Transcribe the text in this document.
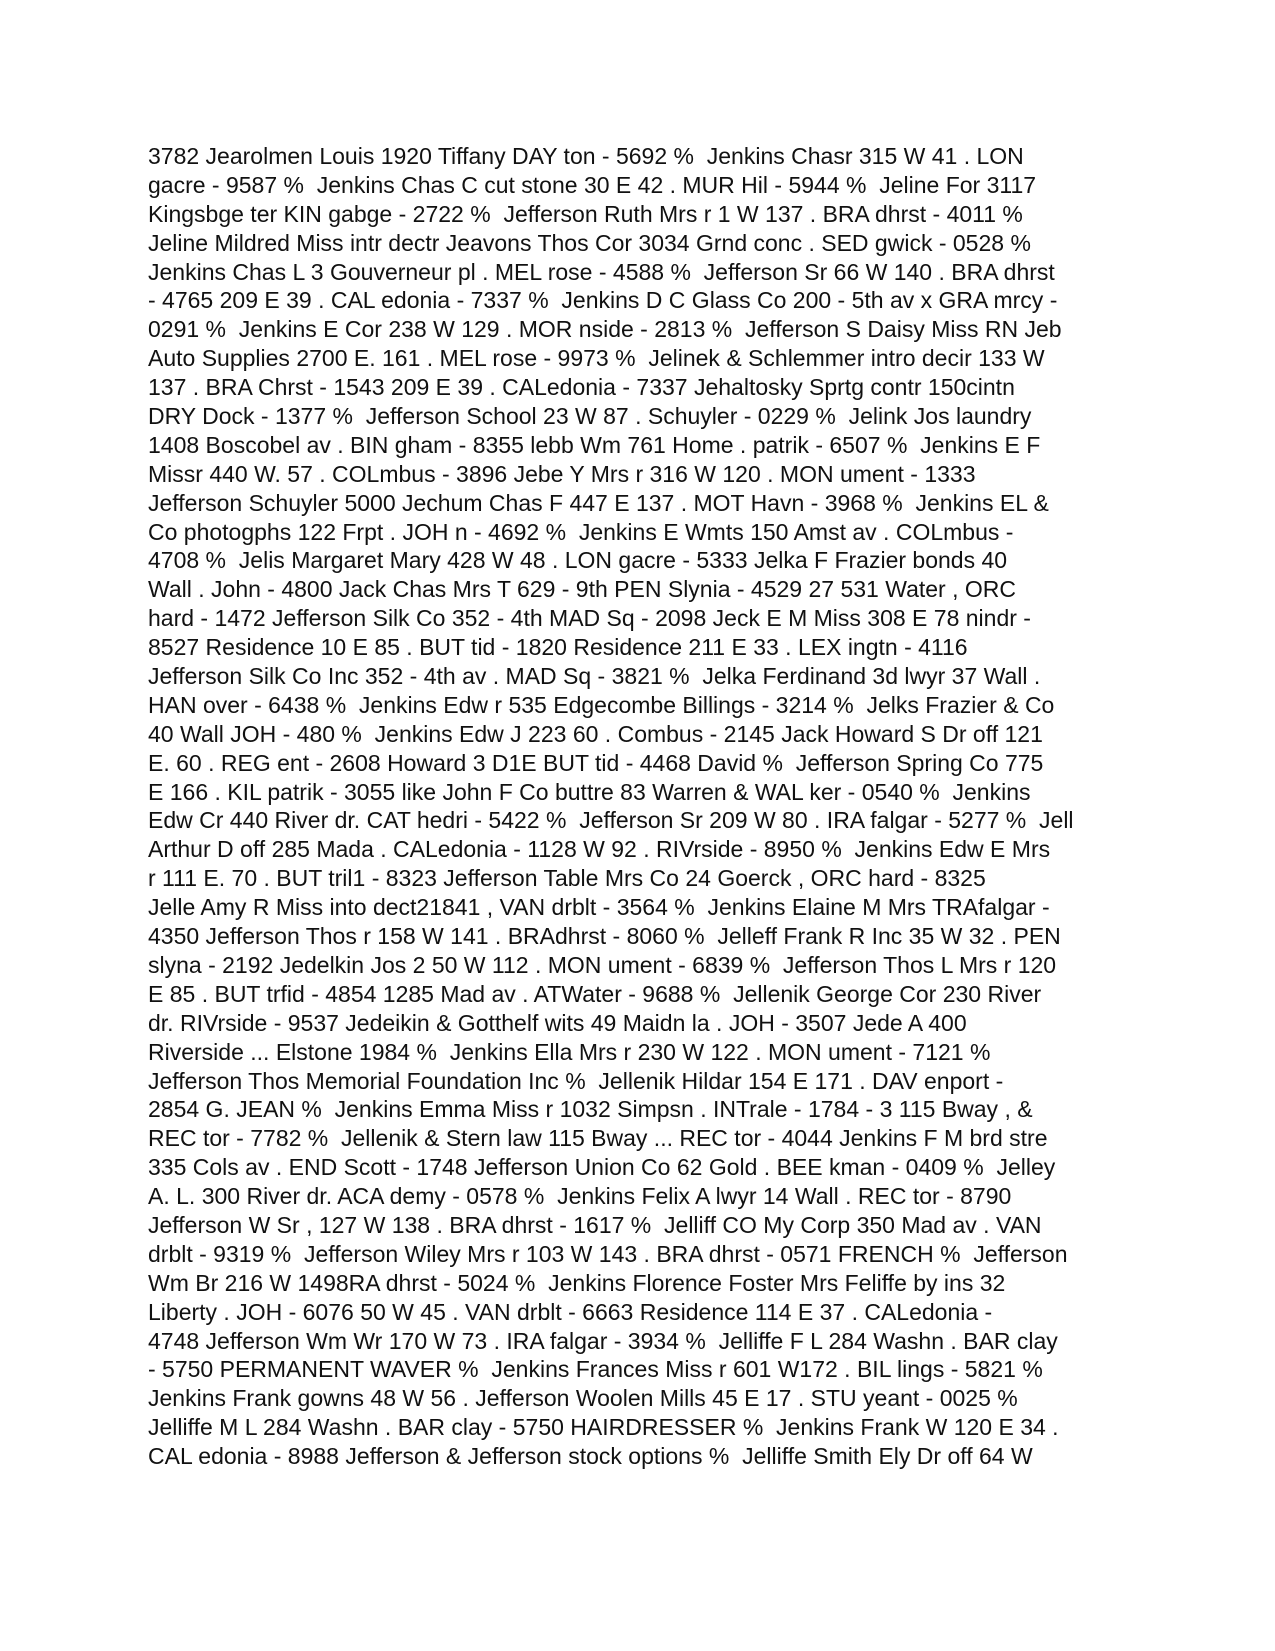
3782 Jearolmen Louis 1920 Tiffany DAY ton - 5692 %  Jenkins Chasr 315 W 41 . LON

gacre - 9587 %  Jenkins Chas C cut stone 30 E 42 . MUR Hil - 5944 %  Jeline For 3117

Kingsbge ter KIN gabge - 2722 %  Jefferson Ruth Mrs r 1 W 137 . BRA dhrst - 4011 %

Jeline Mildred Miss intr dectr Jeavons Thos Cor 3034 Grnd conc . SED gwick - 0528 %

Jenkins Chas L 3 Gouverneur pl . MEL rose - 4588 %  Jefferson Sr 66 W 140 . BRA dhrst

- 4765 209 E 39 . CAL edonia - 7337 %  Jenkins D C Glass Co 200 - 5th av x GRA mrcy -

0291 %  Jenkins E Cor 238 W 129 . MOR nside - 2813 %  Jefferson S Daisy Miss RN Jeb

Auto Supplies 2700 E. 161 . MEL rose - 9973 %  Jelinek & Schlemmer intro decir 133 W

137 . BRA Chrst - 1543 209 E 39 . CALedonia - 7337 Jehaltosky Sprtg contr 150cintn

DRY Dock - 1377 %  Jefferson School 23 W 87 . Schuyler - 0229 %  Jelink Jos laundry

1408 Boscobel av . BIN gham - 8355 lebb Wm 761 Home . patrik - 6507 %  Jenkins E F

Missr 440 W. 57 . COLmbus - 3896 Jebe Y Mrs r 316 W 120 . MON ument - 1333

Jefferson Schuyler 5000 Jechum Chas F 447 E 137 . MOT Havn - 3968 %  Jenkins EL &

Co photogphs 122 Frpt . JOH n - 4692 %  Jenkins E Wmts 150 Amst av . COLmbus -

4708 %  Jelis Margaret Mary 428 W 48 . LON gacre - 5333 Jelka F Frazier bonds 40

Wall . John - 4800 Jack Chas Mrs T 629 - 9th PEN Slynia - 4529 27 531 Water , ORC

hard - 1472 Jefferson Silk Co 352 - 4th MAD Sq - 2098 Jeck E M Miss 308 E 78 nindr -

8527 Residence 10 E 85 . BUT tid - 1820 Residence 211 E 33 . LEX ingtn - 4116

Jefferson Silk Co Inc 352 - 4th av . MAD Sq - 3821 %  Jelka Ferdinand 3d lwyr 37 Wall .

HAN over - 6438 %  Jenkins Edw r 535 Edgecombe Billings - 3214 %  Jelks Frazier & Co

40 Wall JOH - 480 %  Jenkins Edw J 223 60 . Combus - 2145 Jack Howard S Dr off 121

E. 60 . REG ent - 2608 Howard 3 D1E BUT tid - 4468 David %  Jefferson Spring Co 775

E 166 . KIL patrik - 3055 like John F Co buttre 83 Warren & WAL ker - 0540 %  Jenkins

Edw Cr 440 River dr. CAT hedri - 5422 %  Jefferson Sr 209 W 80 . IRA falgar - 5277 %  Jell

Arthur D off 285 Mada . CALedonia - 1128 W 92 . RIVrside - 8950 %  Jenkins Edw E Mrs

r 111 E. 70 . BUT tril1 - 8323 Jefferson Table Mrs Co 24 Goerck , ORC hard - 8325

Jelle Amy R Miss into dect21841 , VAN drblt - 3564 %  Jenkins Elaine M Mrs TRAfalgar -

4350 Jefferson Thos r 158 W 141 . BRAdhrst - 8060 %  Jelleff Frank R Inc 35 W 32 . PEN

slyna - 2192 Jedelkin Jos 2 50 W 112 . MON ument - 6839 %  Jefferson Thos L Mrs r 120

E 85 . BUT trfid - 4854 1285 Mad av . ATWater - 9688 %  Jellenik George Cor 230 River

dr. RIVrside - 9537 Jedeikin & Gotthelf wits 49 Maidn la . JOH - 3507 Jede A 400

Riverside ... Elstone 1984 %  Jenkins Ella Mrs r 230 W 122 . MON ument - 7121 %

Jefferson Thos Memorial Foundation Inc %  Jellenik Hildar 154 E 171 . DAV enport -

2854 G. JEAN %  Jenkins Emma Miss r 1032 Simpsn . INTrale - 1784 - 3 115 Bway , &

REC tor - 7782 %  Jellenik & Stern law 115 Bway ... REC tor - 4044 Jenkins F M brd stre

335 Cols av . END Scott - 1748 Jefferson Union Co 62 Gold . BEE kman - 0409 %  Jelley

A. L. 300 River dr. ACA demy - 0578 %  Jenkins Felix A lwyr 14 Wall . REC tor - 8790

Jefferson W Sr , 127 W 138 . BRA dhrst - 1617 %  Jelliff CO My Corp 350 Mad av . VAN

drblt - 9319 %  Jefferson Wiley Mrs r 103 W 143 . BRA dhrst - 0571 FRENCH %  Jefferson

Wm Br 216 W 1498RA dhrst - 5024 %  Jenkins Florence Foster Mrs Feliffe by ins 32

Liberty . JOH - 6076 50 W 45 . VAN drblt - 6663 Residence 114 E 37 . CALedonia -

4748 Jefferson Wm Wr 170 W 73 . IRA falgar - 3934 %  Jelliffe F L 284 Washn . BAR clay

- 5750 PERMANENT WAVER %  Jenkins Frances Miss r 601 W172 . BIL lings - 5821 %

Jenkins Frank gowns 48 W 56 . Jefferson Woolen Mills 45 E 17 . STU yeant - 0025 %

Jelliffe M L 284 Washn . BAR clay - 5750 HAIRDRESSER %  Jenkins Frank W 120 E 34 .

CAL edonia - 8988 Jefferson & Jefferson stock options %  Jelliffe Smith Ely Dr off 64 W
